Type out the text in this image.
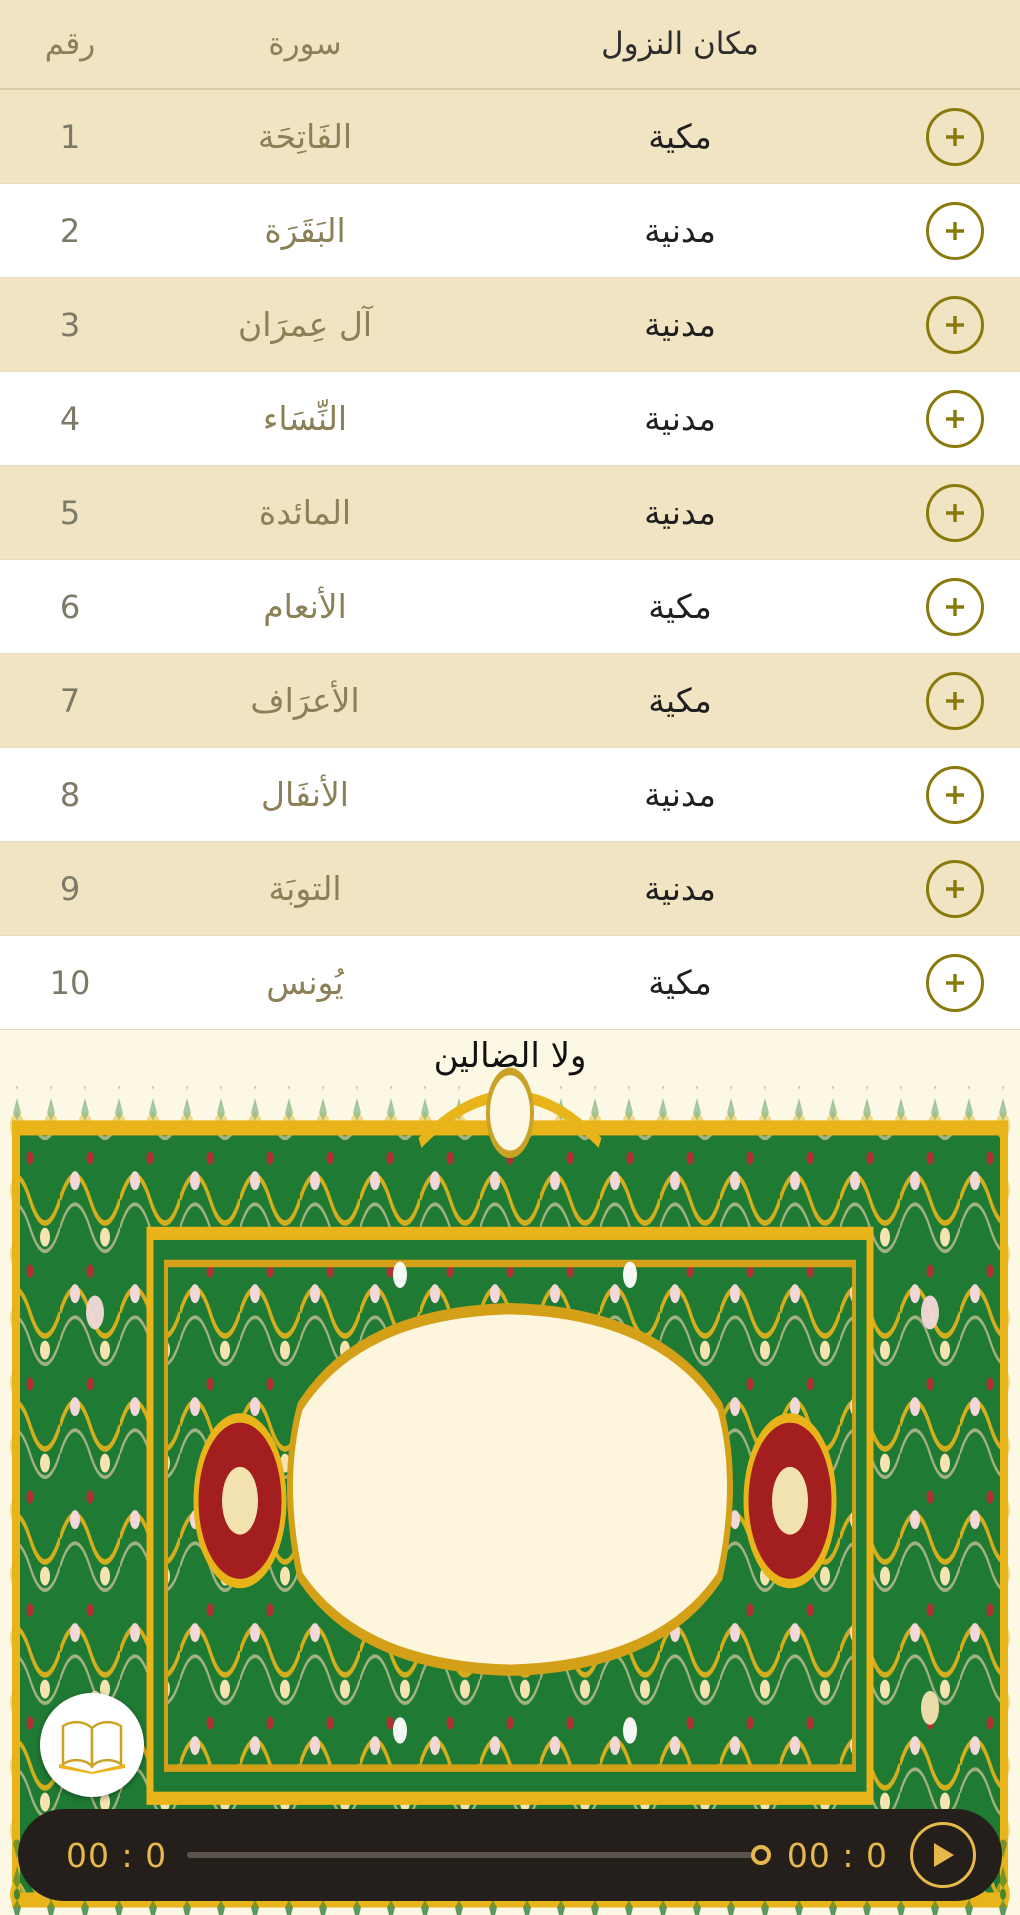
مكان النزول
سورة
رقم
مكية
الفَاتِحَة
1
مدنية
البَقَرَة
2
مدنية
آل عِمرَان
3
مدنية
النِّسَاء
4
مدنية
المائدة
5
مكية
الأنعام
6
مكية
الأعرَاف
7
مدنية
الأنفَال
8
مدنية
التوبَة
9
مكية
يُونس
10
ولا الضالين
0 : 00
0 : 00
